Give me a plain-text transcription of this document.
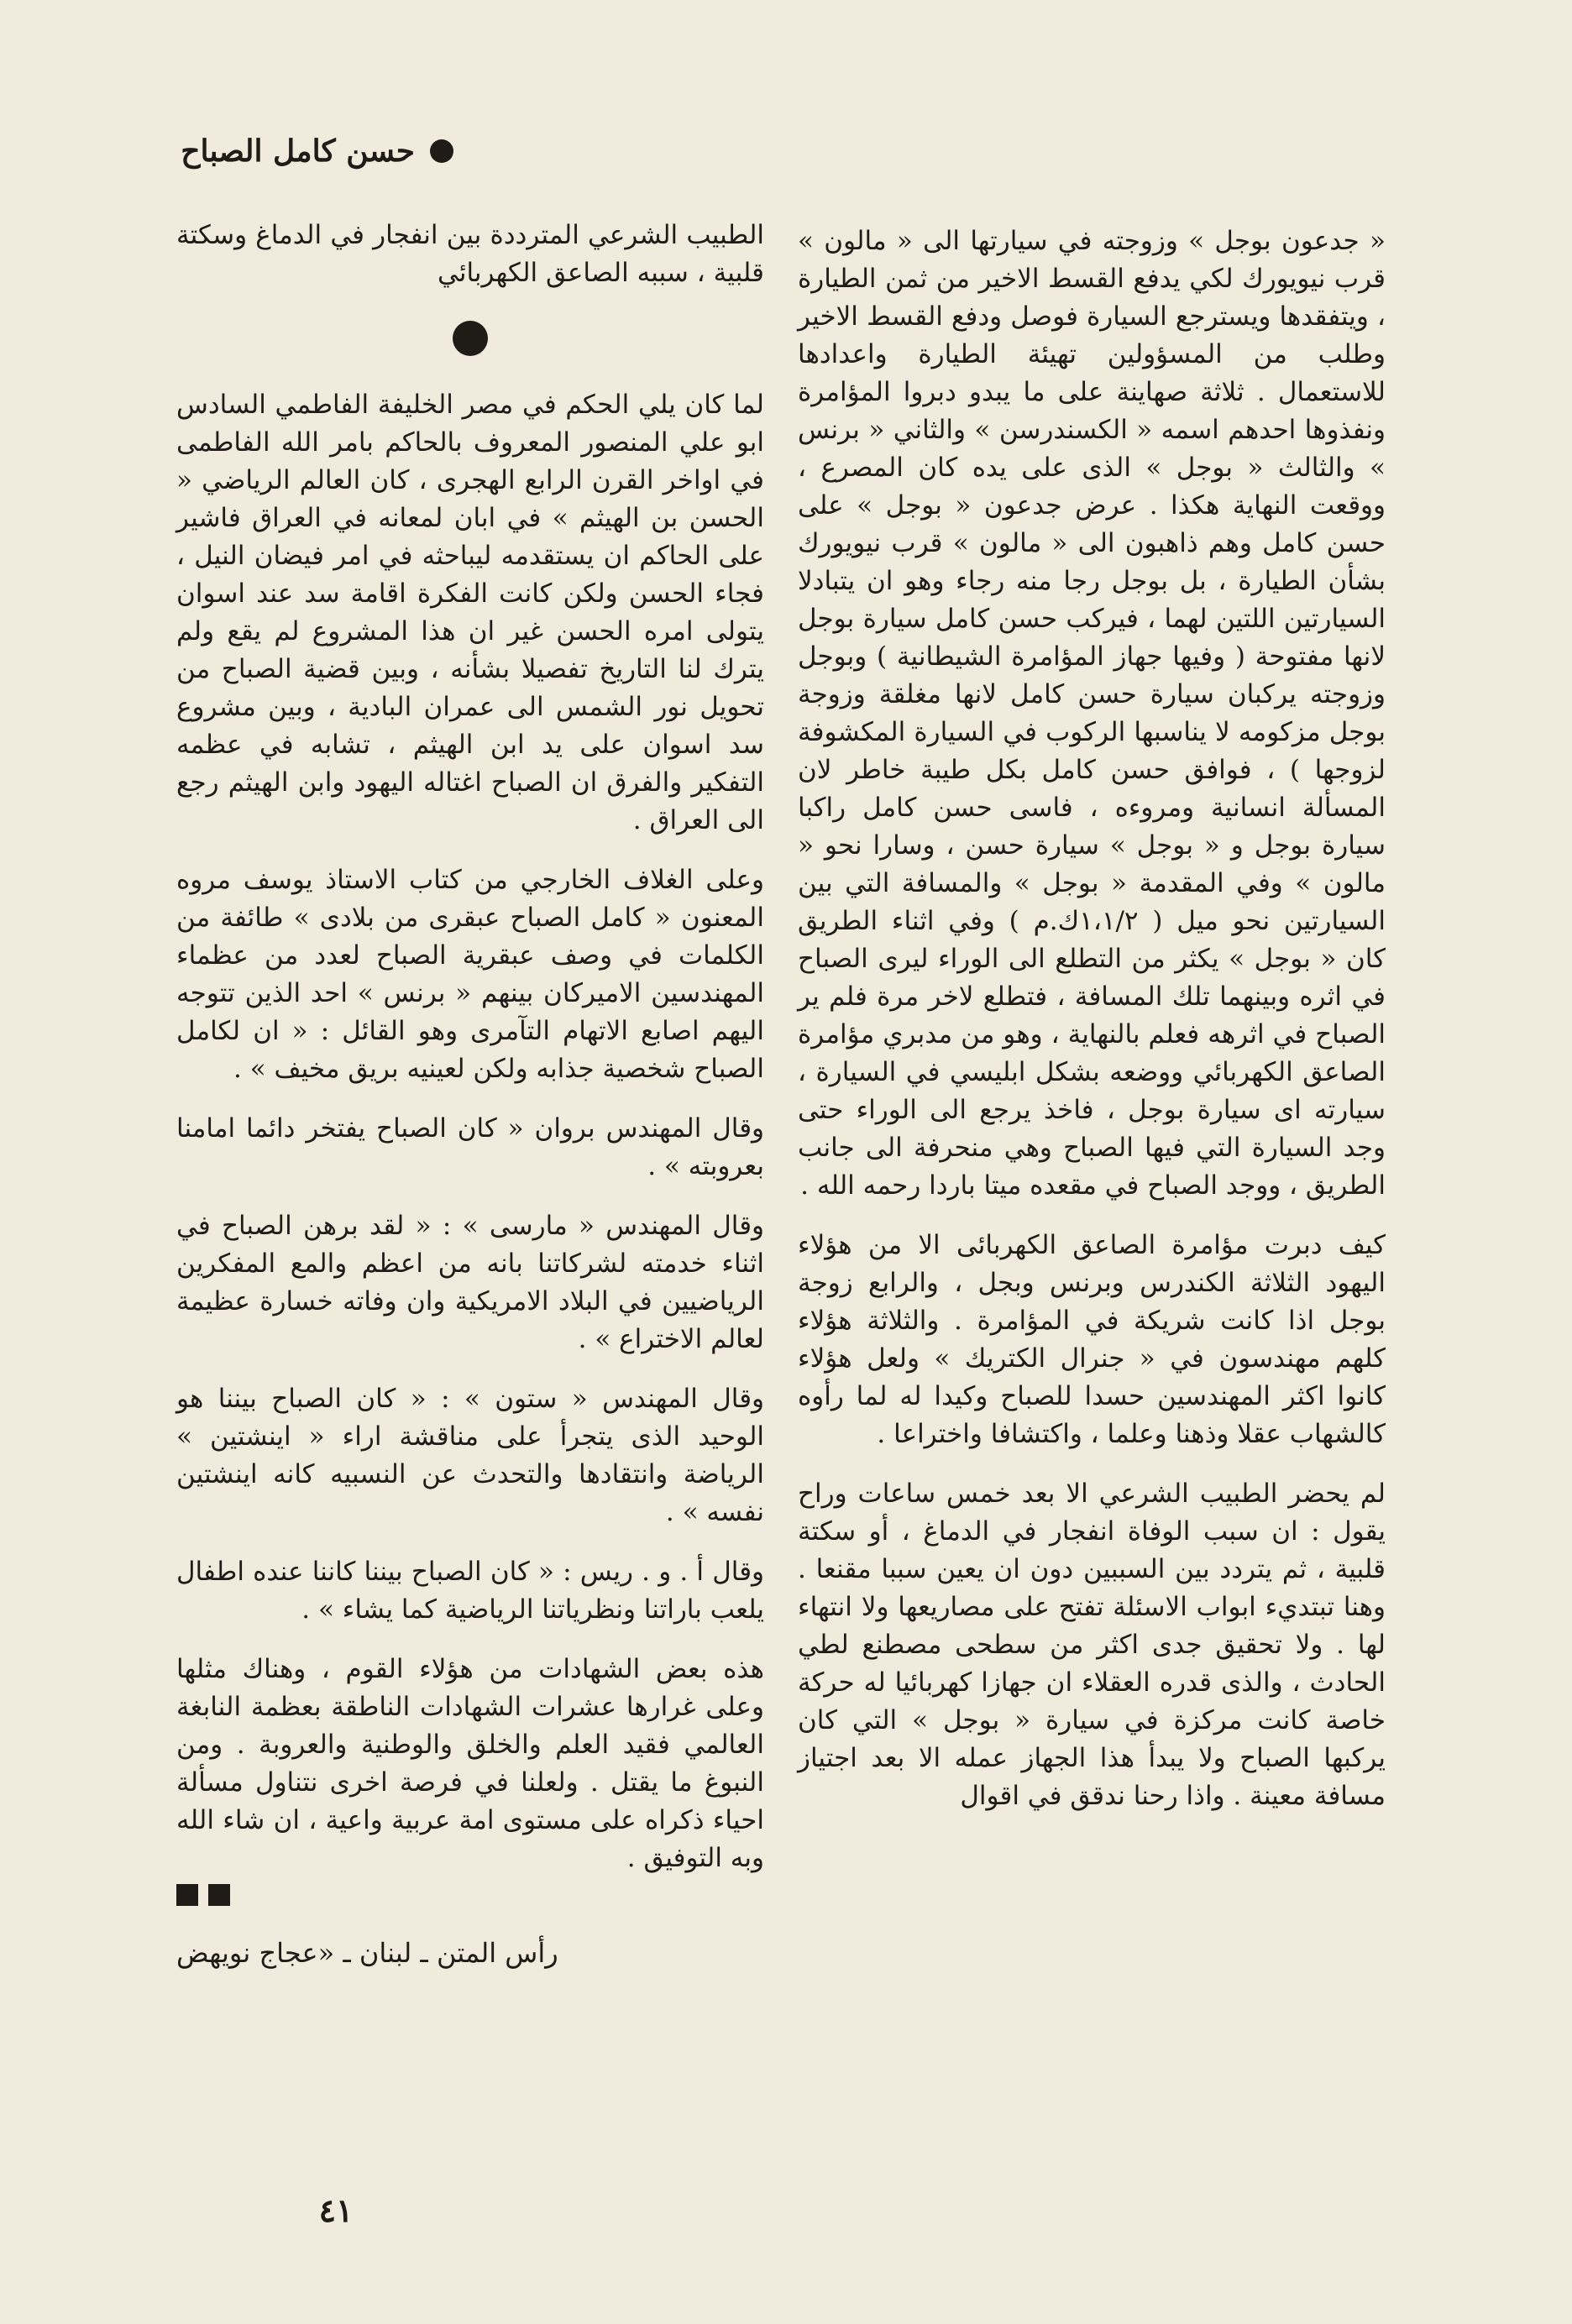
حسن كامل الصباح

« جدعون بوجل » وزوجته في سيارتها الى « مالون » قرب نيويورك لكي يدفع القسط الاخير من ثمن الطيارة ، ويتفقدها ويسترجع السيارة فوصل ودفع القسط الاخير وطلب من المسؤولين تهيئة الطيارة واعدادها للاستعمال . ثلاثة صهاينة على ما يبدو دبروا المؤامرة ونفذوها احدهم اسمه « الكسندرسن » والثاني « برنس » والثالث « بوجل » الذى على يده كان المصرع ، ووقعت النهاية هكذا . عرض جدعون « بوجل » على حسن كامل وهم ذاهبون الى « مالون » قرب نيويورك بشأن الطيارة ، بل بوجل رجا منه رجاء وهو ان يتبادلا السيارتين اللتين لهما ، فيركب حسن كامل سيارة بوجل لانها مفتوحة ( وفيها جهاز المؤامرة الشيطانية ) وبوجل وزوجته يركبان سيارة حسن كامل لانها مغلقة وزوجة بوجل مزكومه لا يناسبها الركوب في السيارة المكشوفة لزوجها ) ، فوافق حسن كامل بكل طيبة خاطر لان المسألة انسانية ومروءه ، فاسى حسن كامل راكبا سيارة بوجل و « بوجل » سيارة حسن ، وسارا نحو « مالون » وفي المقدمة « بوجل » والمسافة التي بين السيارتين نحو ميل ( ١،١/٢ك.م ) وفي اثناء الطريق كان « بوجل » يكثر من التطلع الى الوراء ليرى الصباح في اثره وبينهما تلك المسافة ، فتطلع لاخر مرة فلم ير الصباح في اثرهه فعلم بالنهاية ، وهو من مدبري مؤامرة الصاعق الكهربائي ووضعه بشكل ابليسي في السيارة ، سيارته اى سيارة بوجل ، فاخذ يرجع الى الوراء حتى وجد السيارة التي فيها الصباح وهي منحرفة الى جانب الطريق ، ووجد الصباح في مقعده ميتا باردا رحمه الله .

كيف دبرت مؤامرة الصاعق الكهربائى الا من هؤلاء اليهود الثلاثة الكندرس وبرنس وبجل ، والرابع زوجة بوجل اذا كانت شريكة في المؤامرة . والثلاثة هؤلاء كلهم مهندسون في « جنرال الكتريك » ولعل هؤلاء كانوا اكثر المهندسين حسدا للصباح وكيدا له لما رأوه كالشهاب عقلا وذهنا وعلما ، واكتشافا واختراعا .

لم يحضر الطبيب الشرعي الا بعد خمس ساعات وراح يقول : ان سبب الوفاة انفجار في الدماغ ، أو سكتة قلبية ، ثم يتردد بين السببين دون ان يعين سببا مقنعا . وهنا تبتديء ابواب الاسئلة تفتح على مصاريعها ولا انتهاء لها . ولا تحقيق جدى اكثر من سطحى مصطنع لطي الحادث ، والذى قدره العقلاء ان جهازا كهربائيا له حركة خاصة كانت مركزة في سيارة « بوجل » التي كان يركبها الصباح ولا يبدأ هذا الجهاز عمله الا بعد اجتياز مسافة معينة . واذا رحنا ندقق في اقوال

الطبيب الشرعي المترددة بين انفجار في الدماغ وسكتة قلبية ، سببه الصاعق الكهربائي

لما كان يلي الحكم في مصر الخليفة الفاطمي السادس ابو علي المنصور المعروف بالحاكم بامر الله الفاطمى في اواخر القرن الرابع الهجرى ، كان العالم الرياضي « الحسن بن الهيثم » في ابان لمعانه في العراق فاشير على الحاكم ان يستقدمه ليباحثه في امر فيضان النيل ، فجاء الحسن ولكن كانت الفكرة اقامة سد عند اسوان يتولى امره الحسن غير ان هذا المشروع لم يقع ولم يترك لنا التاريخ تفصيلا بشأنه ، وبين قضية الصباح من تحويل نور الشمس الى عمران البادية ، وبين مشروع سد اسوان على يد ابن الهيثم ، تشابه في عظمه التفكير والفرق ان الصباح اغتاله اليهود وابن الهيثم رجع الى العراق .

وعلى الغلاف الخارجي من كتاب الاستاذ يوسف مروه المعنون « كامل الصباح عبقرى من بلادى » طائفة من الكلمات في وصف عبقرية الصباح لعدد من عظماء المهندسين الاميركان بينهم « برنس » احد الذين تتوجه اليهم اصابع الاتهام التآمرى وهو القائل : « ان لكامل الصباح شخصية جذابه ولكن لعينيه بريق مخيف » .

وقال المهندس بروان « كان الصباح يفتخر دائما امامنا بعروبته » .

وقال المهندس « مارسى » : « لقد برهن الصباح في اثناء خدمته لشركاتنا بانه من اعظم والمع المفكرين الرياضيين في البلاد الامريكية وان وفاته خسارة عظيمة لعالم الاختراع » .

وقال المهندس « ستون » : « كان الصباح بيننا هو الوحيد الذى يتجرأ على مناقشة اراء « اينشتين » الرياضة وانتقادها والتحدث عن النسبيه كانه اينشتين نفسه » .

وقال أ . و . ريس : « كان الصباح بيننا كاننا عنده اطفال يلعب باراتنا ونظرياتنا الرياضية كما يشاء » .

هذه بعض الشهادات من هؤلاء القوم ، وهناك مثلها وعلى غرارها عشرات الشهادات الناطقة بعظمة النابغة العالمي فقيد العلم والخلق والوطنية والعروبة . ومن النبوغ ما يقتل . ولعلنا في فرصة اخرى نتناول مسألة احياء ذكراه على مستوى امة عربية واعية ، ان شاء الله وبه التوفيق .

رأس المتن ـ لبنان ـ «عجاج نويهض
٤١
